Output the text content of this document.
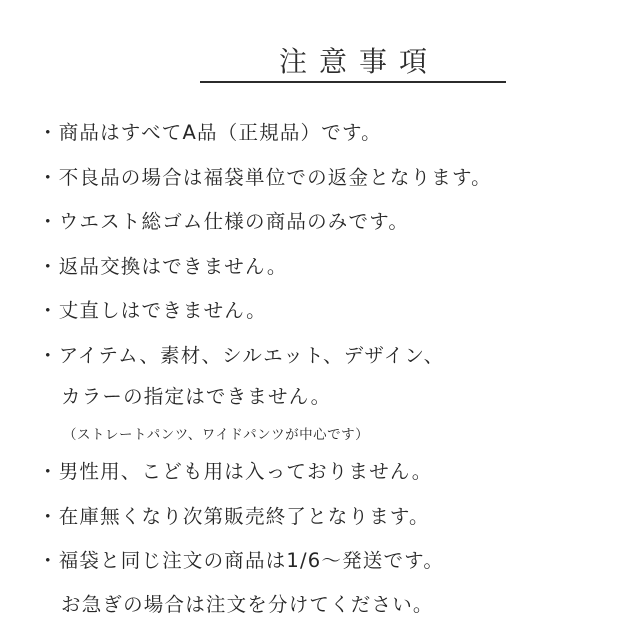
注意事項
・商品はすべてA品（正規品）です。
・不良品の場合は福袋単位での返金となります。
・ウエスト総ゴム仕様の商品のみです。
・返品交換はできません。
・丈直しはできません。
・アイテム、素材、シルエット、デザイン、
カラーの指定はできません。
（ストレートパンツ、ワイドパンツが中心です）
・男性用、こども用は入っておりません。
・在庫無くなり次第販売終了となります。
・福袋と同じ注文の商品は1/6～発送です。
お急ぎの場合は注文を分けてください。
